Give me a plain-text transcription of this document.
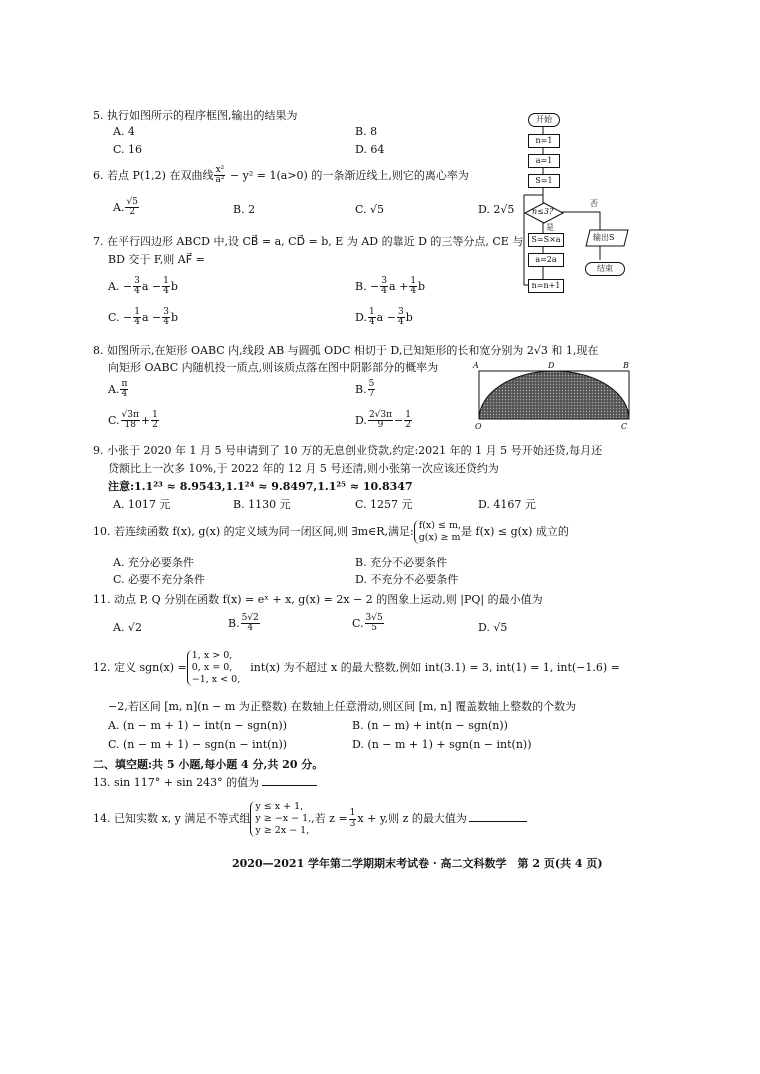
5. 执行如图所示的程序框图,输出的结果为
A. 4	B. 8
C. 16	D. 64
6. 若点 P(1,2) 在双曲线 $\frac{\text{x²}}{\text{a²}} - y^2 = 1(a>0)$ 的一条渐近线上,则它的离心率为
A. $\frac{√5}{2}$	B. 2	C. √5	D. 2√5
7. 在平行四边形 ABCD 中,设 CB⃗ = a, CD⃗ = b, E 为 AD 的靠近 D 的三等分点, CE 与
BD 交于 F,则 AF⃗ =
A. − $\frac{3}{4}$ $a - \frac{1}{4}$ b	B. − $\frac{3}{4}$ $a + \frac{1}{4}$ b
C. − $\frac{1}{4}$ $a - \frac{3}{4}$ b	D. $\frac{1}{4}$ $a - \frac{3}{4}$ b
8. 如图所示,在矩形 OABC 内,线段 AB 与圆弧 ODC 相切于 D,已知矩形的长和宽分别为 2√3 和 1,现在
向矩形 OABC 内随机投一质点,则该质点落在图中阴影部分的概率为
A. $\frac{\pi}{4}$	B. $\frac{5}{7}$
C. $\frac{√3\pi}{18} + \frac{1}{2}$	D. $\frac{2√3\pi}{9} - \frac{1}{2}$
A	D	B
O	C
9. 小张于 2020 年 1 月 5 号申请到了 10 万的无息创业贷款,约定:2021 年的 1 月 5 号开始还贷,每月还
贷额比上一次多 10%,于 2022 年的 12 月 5 号还清,则小张第一次应该还贷约为
注意:1.1²³ ≈ 8.9543,1.1²⁴ ≈ 9.8497,1.1²⁵ ≈ 10.8347
A. 1017 元	B. 1130 元	C. 1257 元	D. 4167 元
10. 若连续函数 f(x), g(x) 的定义域为同一闭区间,则 ∃m∈R,满足: f(x) ≤ m,
g(x) ≥ m 是 f(x) ≤ g(x) 成立的
A. 充分必要条件	B. 充分不必要条件
C. 必要不充分条件	D. 不充分不必要条件
11. 动点 P, Q 分别在函数 f(x) = eˣ + x, g(x) = 2x − 2 的图象上运动,则 |PQ| 的最小值为
A. √2	B. $\frac{5√2}{4}$	C. $\frac{3√5}{5}$	D. √5
12. 定义 sgn(x) =
1, x > 0,
0, x = 0,
−1, x < 0,
int(x) 为不超过 x 的最大整数,例如 int(3.1) = 3, int(1) = 1, int(−1.6) =
−2,若区间 [m, n](n − m 为正整数) 在数轴上任意滑动,则区间 [m, n] 覆盖数轴上整数的个数为
A. (n − m + 1) − int(n − sgn(n))	B. (n − m) + int(n − sgn(n))
C. (n − m + 1) − sgn(n − int(n))	D. (n − m + 1) + sgn(n − int(n))
二、填空题:共 5 小题,每小题 4 分,共 20 分。
13. sin 117° + sin 243° 的值为
14. 已知实数 x, y 满足不等式组
y ≤ x + 1,
y ≥ −x − 1,
y ≥ 2x − 1,
,若 $z = \frac{1}{3}$ x + y,则 z 的最大值为
2020—2021 学年第二学期期末考试卷 · 高二文科数学　第 2 页(共 4 页)
开始
n=1
a=1
S=1
n≤3?
否
是
S=S×a
a=2a
n=n+1
输出S
结束
